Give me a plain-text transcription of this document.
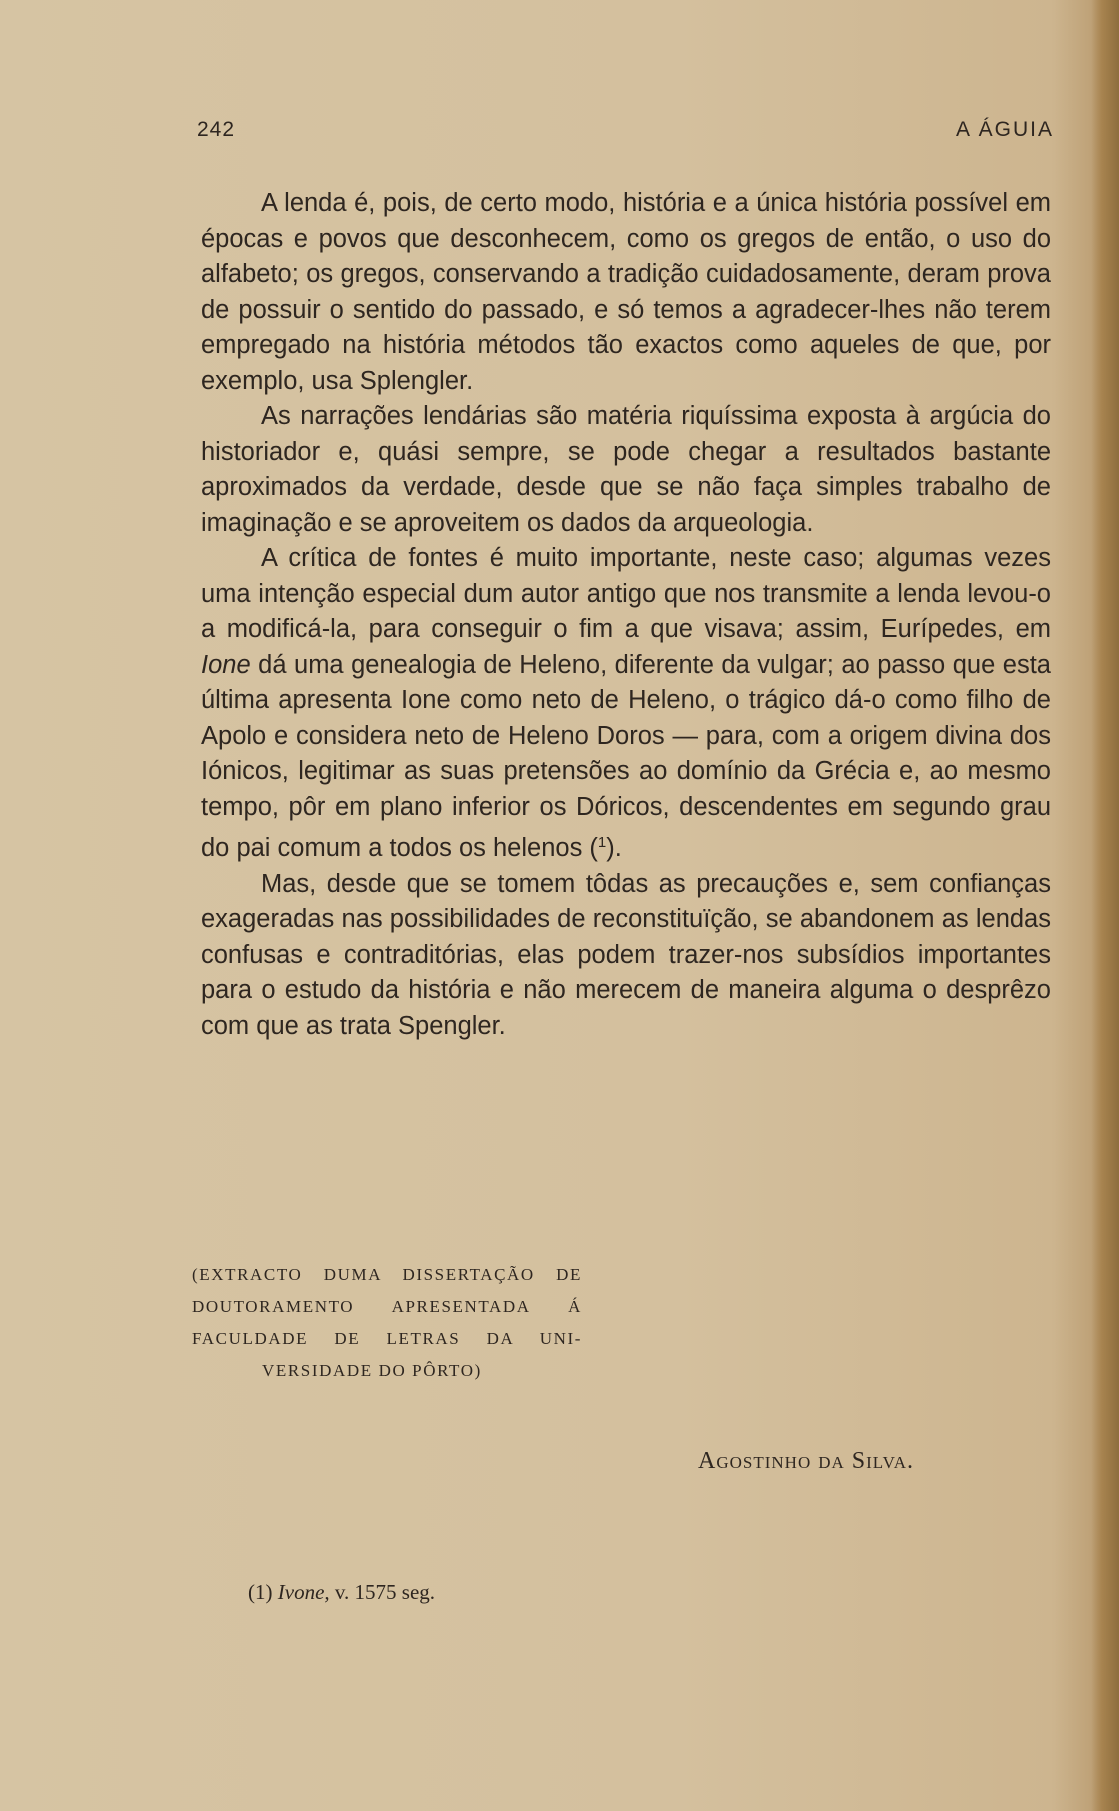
242	A ÁGUIA

A lenda é, pois, de certo modo, história e a única história possível em épocas e povos que desconhecem, como os gregos de então, o uso do alfabeto; os gregos, conservando a tradição cuidadosamente, deram prova de possuir o sentido do passado, e só temos a agradecer-lhes não terem empregado na história métodos tão exactos como aqueles de que, por exemplo, usa Splengler.

As narrações lendárias são matéria riquíssima exposta à argúcia do historiador e, quási sempre, se pode chegar a resultados bastante aproximados da verdade, desde que se não faça simples trabalho de imaginação e se aproveitem os dados da arqueologia.

A crítica de fontes é muito importante, neste caso; algumas vezes uma intenção especial dum autor antigo que nos transmite a lenda levou-o a modificá-la, para conseguir o fim a que visava; assim, Eurípedes, em Ione dá uma genealogia de Heleno, diferente da vulgar; ao passo que esta última apresenta Ione como neto de Heleno, o trágico dá-o como filho de Apolo e considera neto de Heleno Doros — para, com a origem divina dos Iónicos, legitimar as suas pretensões ao domínio da Grécia e, ao mesmo tempo, pôr em plano inferior os Dóricos, descendentes em segundo grau do pai comum a todos os helenos ($^1$).

Mas, desde que se tomem tôdas as precauções e, sem confianças exageradas nas possibilidades de reconstituïção, se abandonem as lendas confusas e contraditórias, elas podem trazer-nos subsídios importantes para o estudo da história e não merecem de maneira alguma o desprêzo com que as trata Spengler.

(EXTRACTO DUMA DISSERTAÇÃO DE
DOUTORAMENTO APRESENTADA Á
FACULDADE DE LETRAS DA UNI-
VERSIDADE DO PÔRTO)
Agostinho da Silva.
(1) Ivone, v. 1575 seg.
